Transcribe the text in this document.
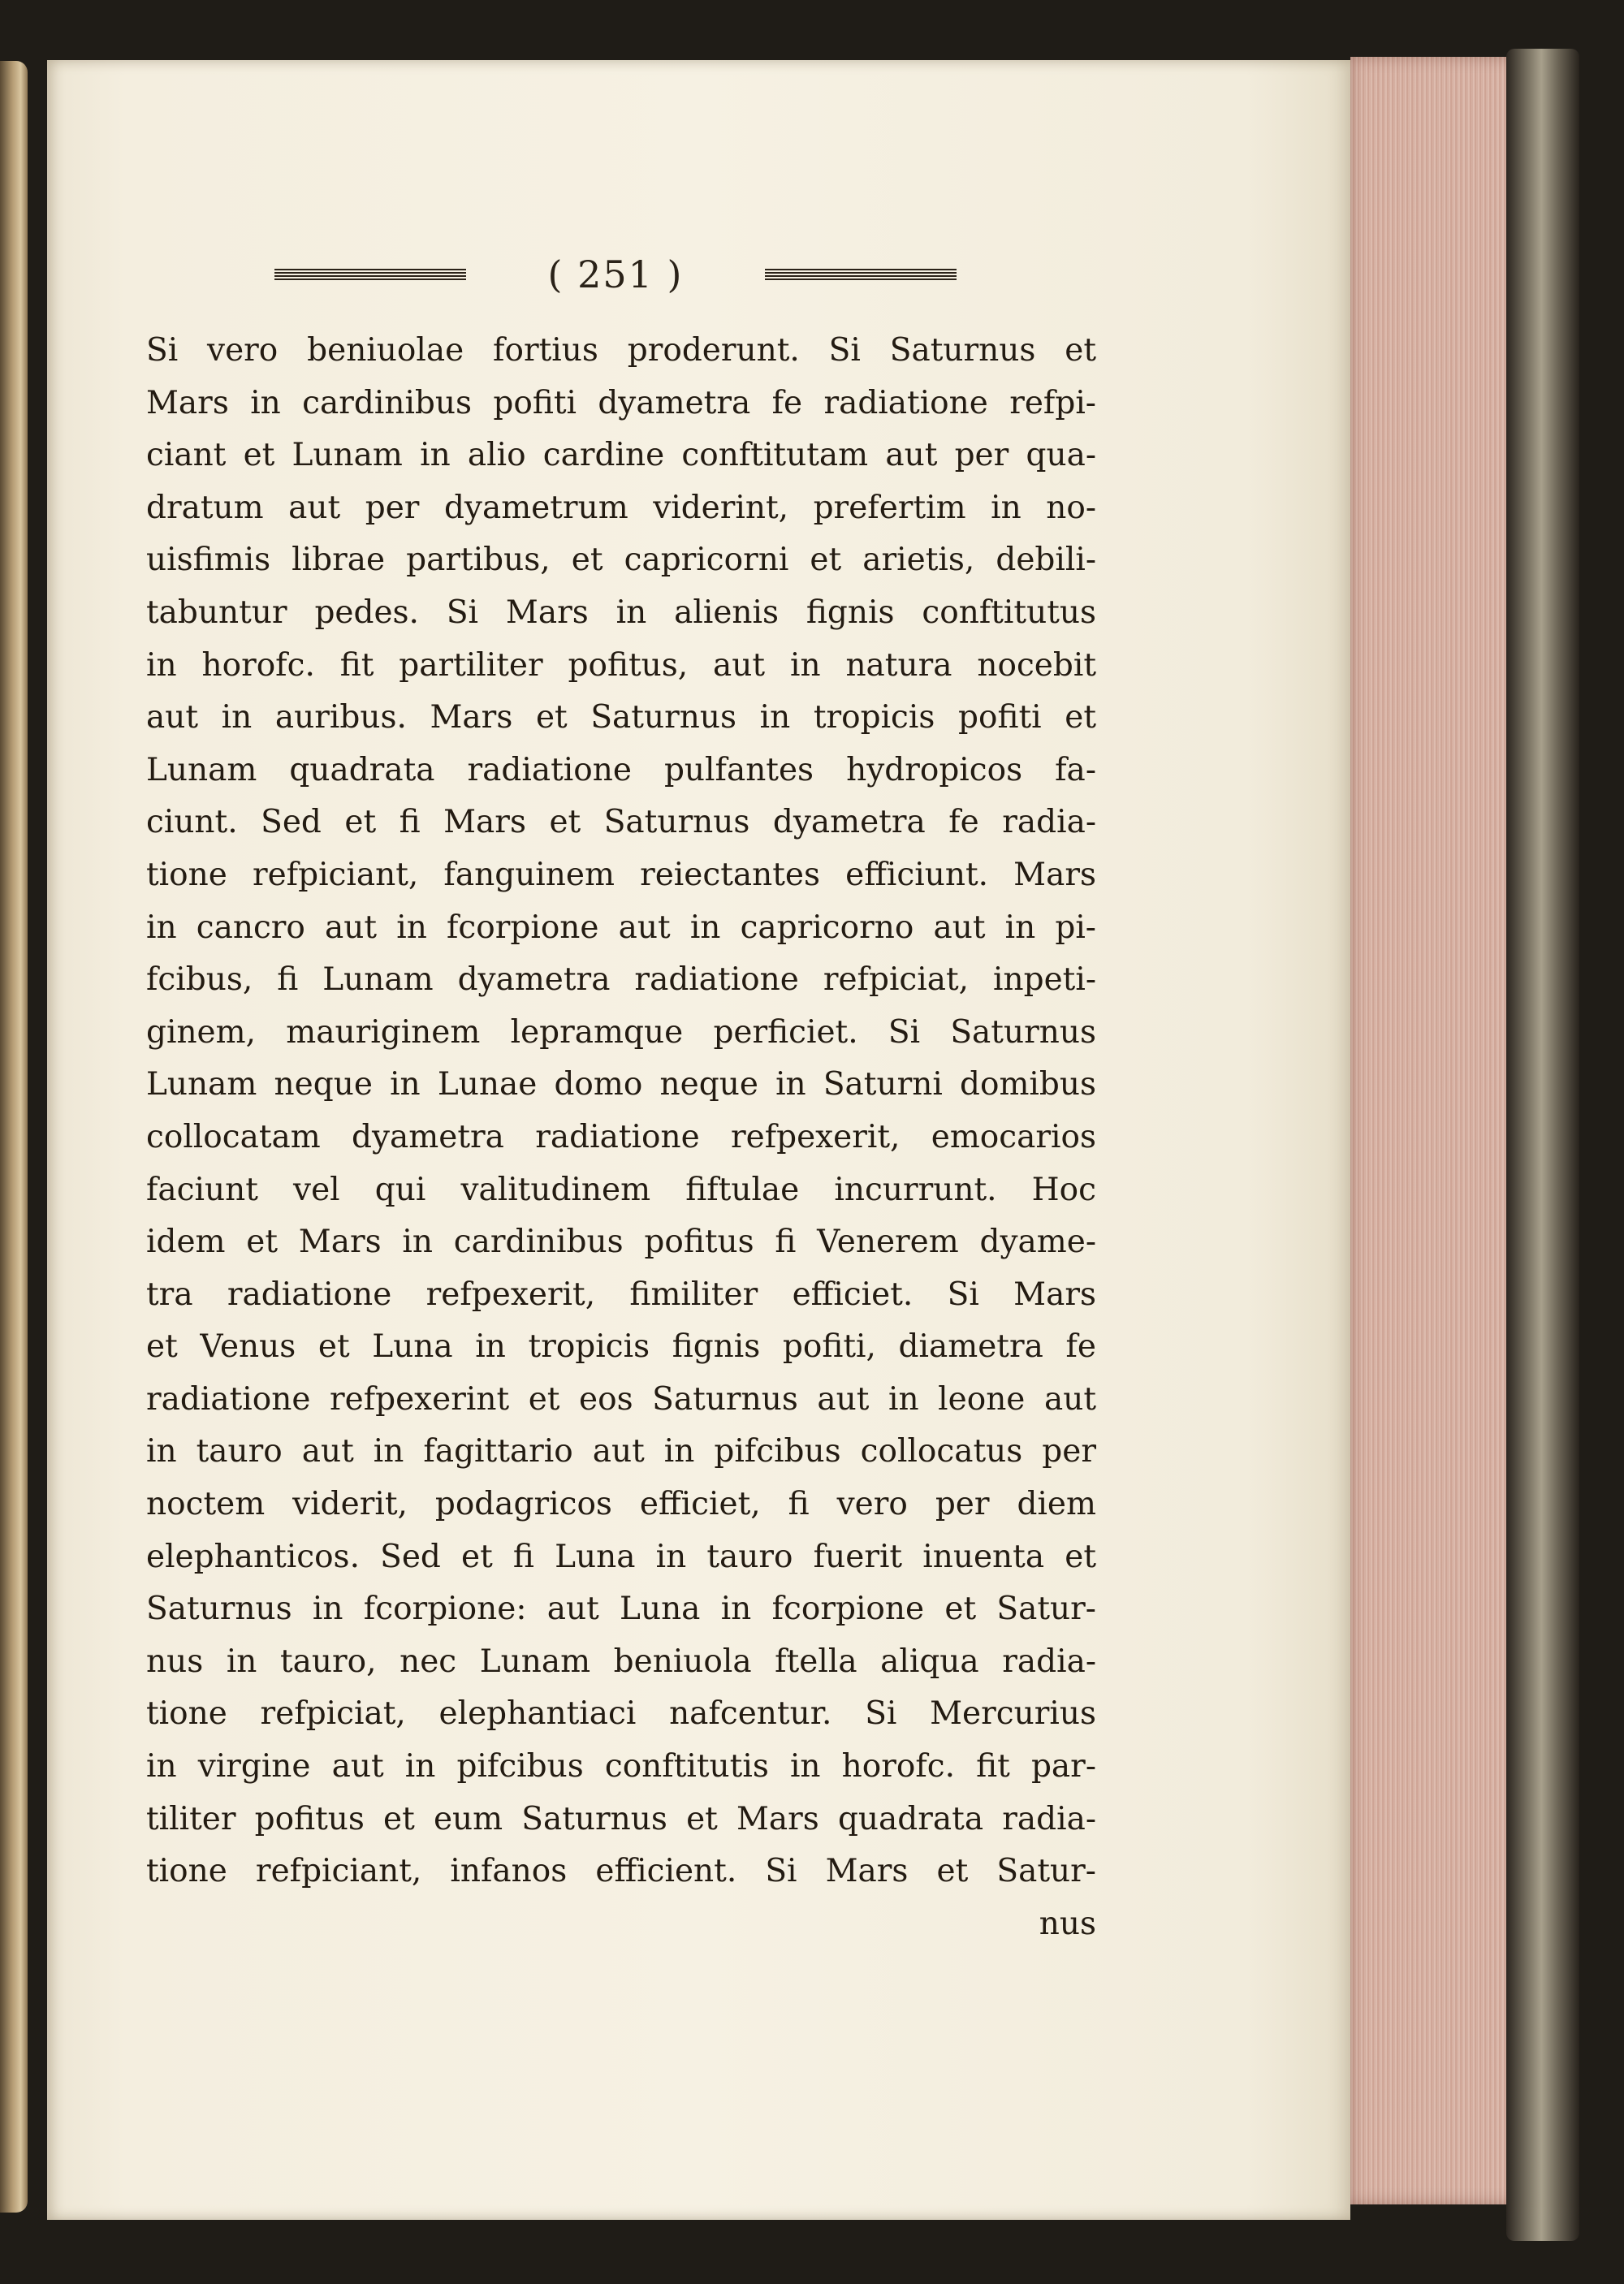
( 251 )
Si vero beniuolae fortius proderunt. Si Saturnus et
Mars in cardinibus pofiti dyametra fe radiatione refpi-
ciant et Lunam in alio cardine conftitutam aut per qua-
dratum aut per dyametrum viderint, prefertim in no-
uisfimis librae partibus, et capricorni et arietis, debili-
tabuntur pedes. Si Mars in alienis fignis conftitutus
in horofc. fit partiliter pofitus, aut in natura nocebit
aut in auribus. Mars et Saturnus in tropicis pofiti et
Lunam quadrata radiatione pulfantes hydropicos fa-
ciunt. Sed et fi Mars et Saturnus dyametra fe radia-
tione refpiciant, fanguinem reiectantes efficiunt. Mars
in cancro aut in fcorpione aut in capricorno aut in pi-
fcibus, fi Lunam dyametra radiatione refpiciat, inpeti-
ginem, mauriginem lepramque perficiet. Si Saturnus
Lunam neque in Lunae domo neque in Saturni domibus
collocatam dyametra radiatione refpexerit, emocarios
faciunt vel qui valitudinem fiftulae incurrunt. Hoc
idem et Mars in cardinibus pofitus fi Venerem dyame-
tra radiatione refpexerit, fimiliter efficiet. Si Mars
et Venus et Luna in tropicis fignis pofiti, diametra fe
radiatione refpexerint et eos Saturnus aut in leone aut
in tauro aut in fagittario aut in pifcibus collocatus per
noctem viderit, podagricos efficiet, fi vero per diem
elephanticos. Sed et fi Luna in tauro fuerit inuenta et
Saturnus in fcorpione: aut Luna in fcorpione et Satur-
nus in tauro, nec Lunam beniuola ftella aliqua radia-
tione refpiciat, elephantiaci nafcentur. Si Mercurius
in virgine aut in pifcibus conftitutis in horofc. fit par-
tiliter pofitus et eum Saturnus et Mars quadrata radia-
tione refpiciant, infanos efficient. Si Mars et Satur-
nus
